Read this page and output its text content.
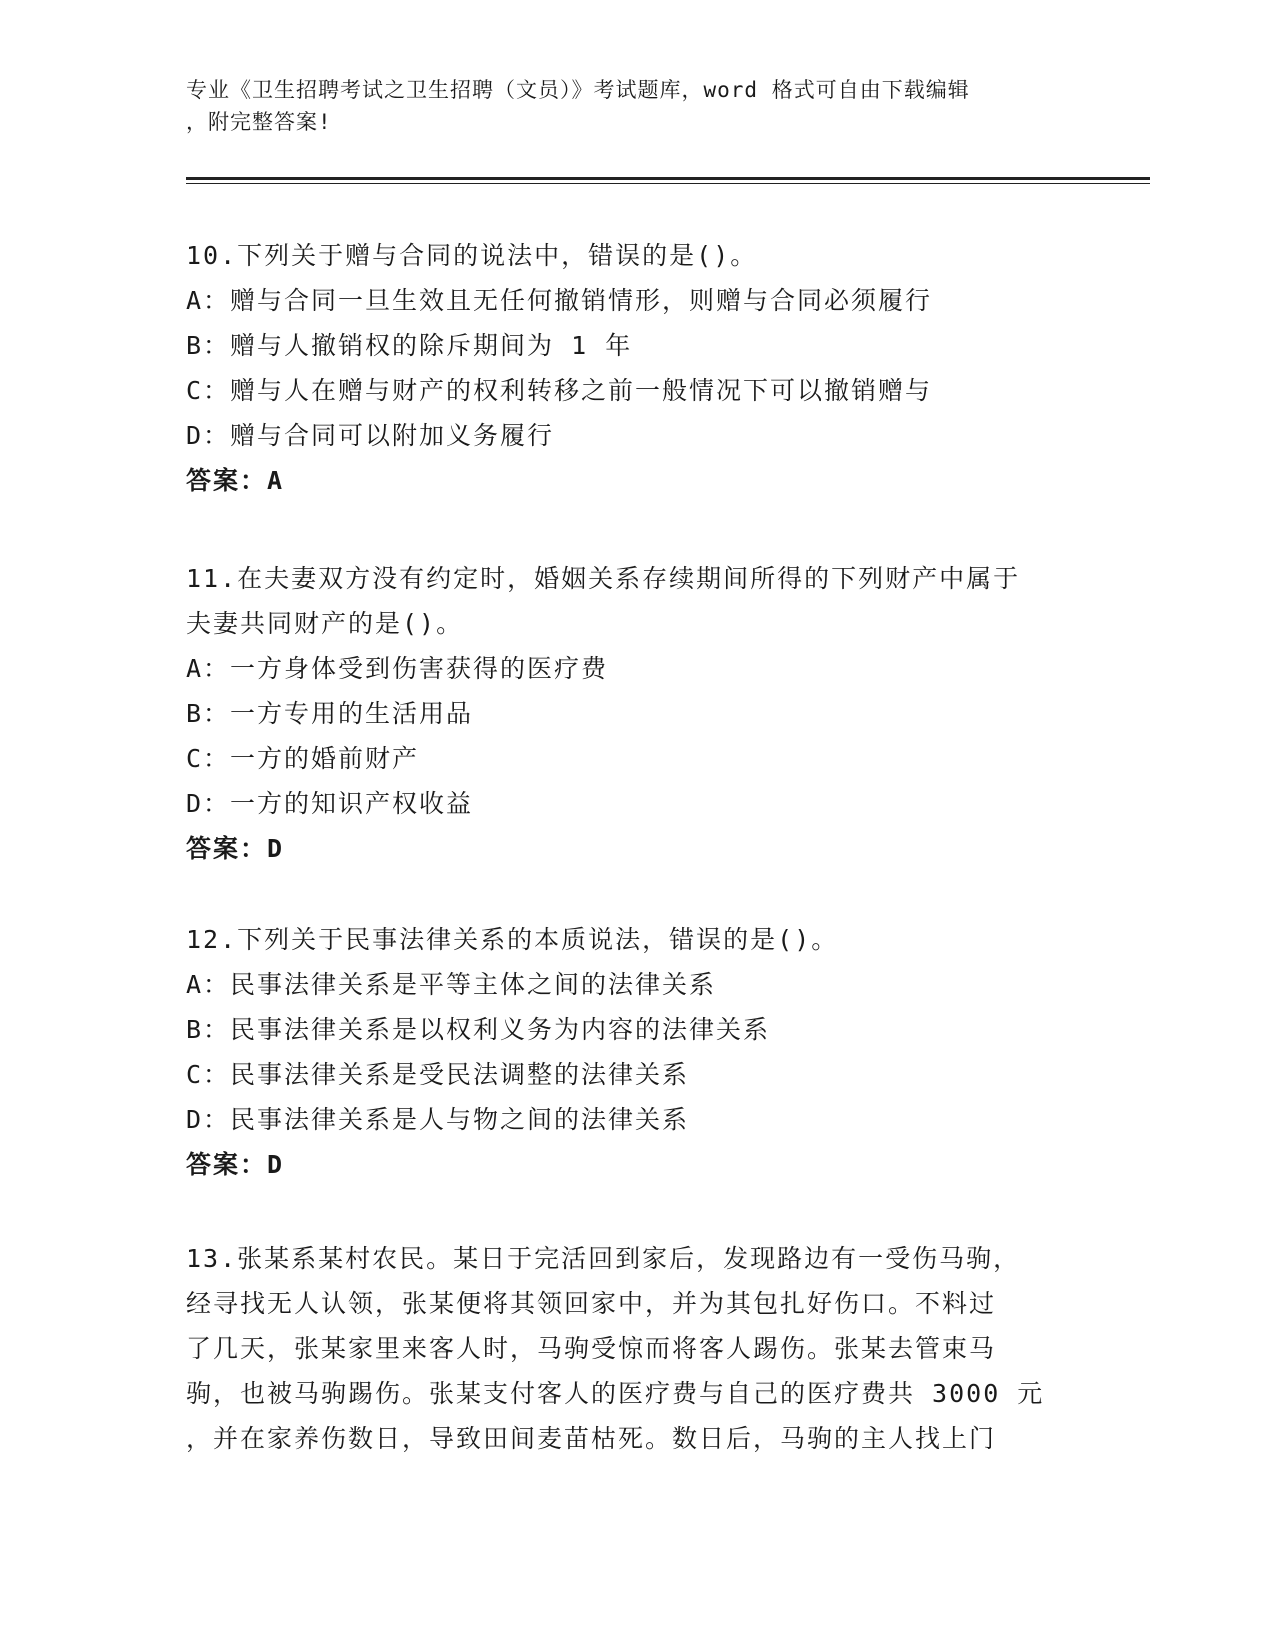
专业《卫生招聘考试之卫生招聘（文员）》考试题库，word 格式可自由下载编辑
，附完整答案!
10.下列关于赠与合同的说法中，错误的是()。
A：赠与合同一旦生效且无任何撤销情形，则赠与合同必须履行
B：赠与人撤销权的除斥期间为 1 年
C：赠与人在赠与财产的权利转移之前一般情况下可以撤销赠与
D：赠与合同可以附加义务履行
答案：A
11.在夫妻双方没有约定时，婚姻关系存续期间所得的下列财产中属于
夫妻共同财产的是()。
A：一方身体受到伤害获得的医疗费
B：一方专用的生活用品
C：一方的婚前财产
D：一方的知识产权收益
答案：D
12.下列关于民事法律关系的本质说法，错误的是()。
A：民事法律关系是平等主体之间的法律关系
B：民事法律关系是以权利义务为内容的法律关系
C：民事法律关系是受民法调整的法律关系
D：民事法律关系是人与物之间的法律关系
答案：D
13.张某系某村农民。某日于完活回到家后，发现路边有一受伤马驹，
经寻找无人认领，张某便将其领回家中，并为其包扎好伤口。不料过
了几天，张某家里来客人时，马驹受惊而将客人踢伤。张某去管束马
驹，也被马驹踢伤。张某支付客人的医疗费与自己的医疗费共 3000 元
，并在家养伤数日，导致田间麦苗枯死。数日后，马驹的主人找上门
